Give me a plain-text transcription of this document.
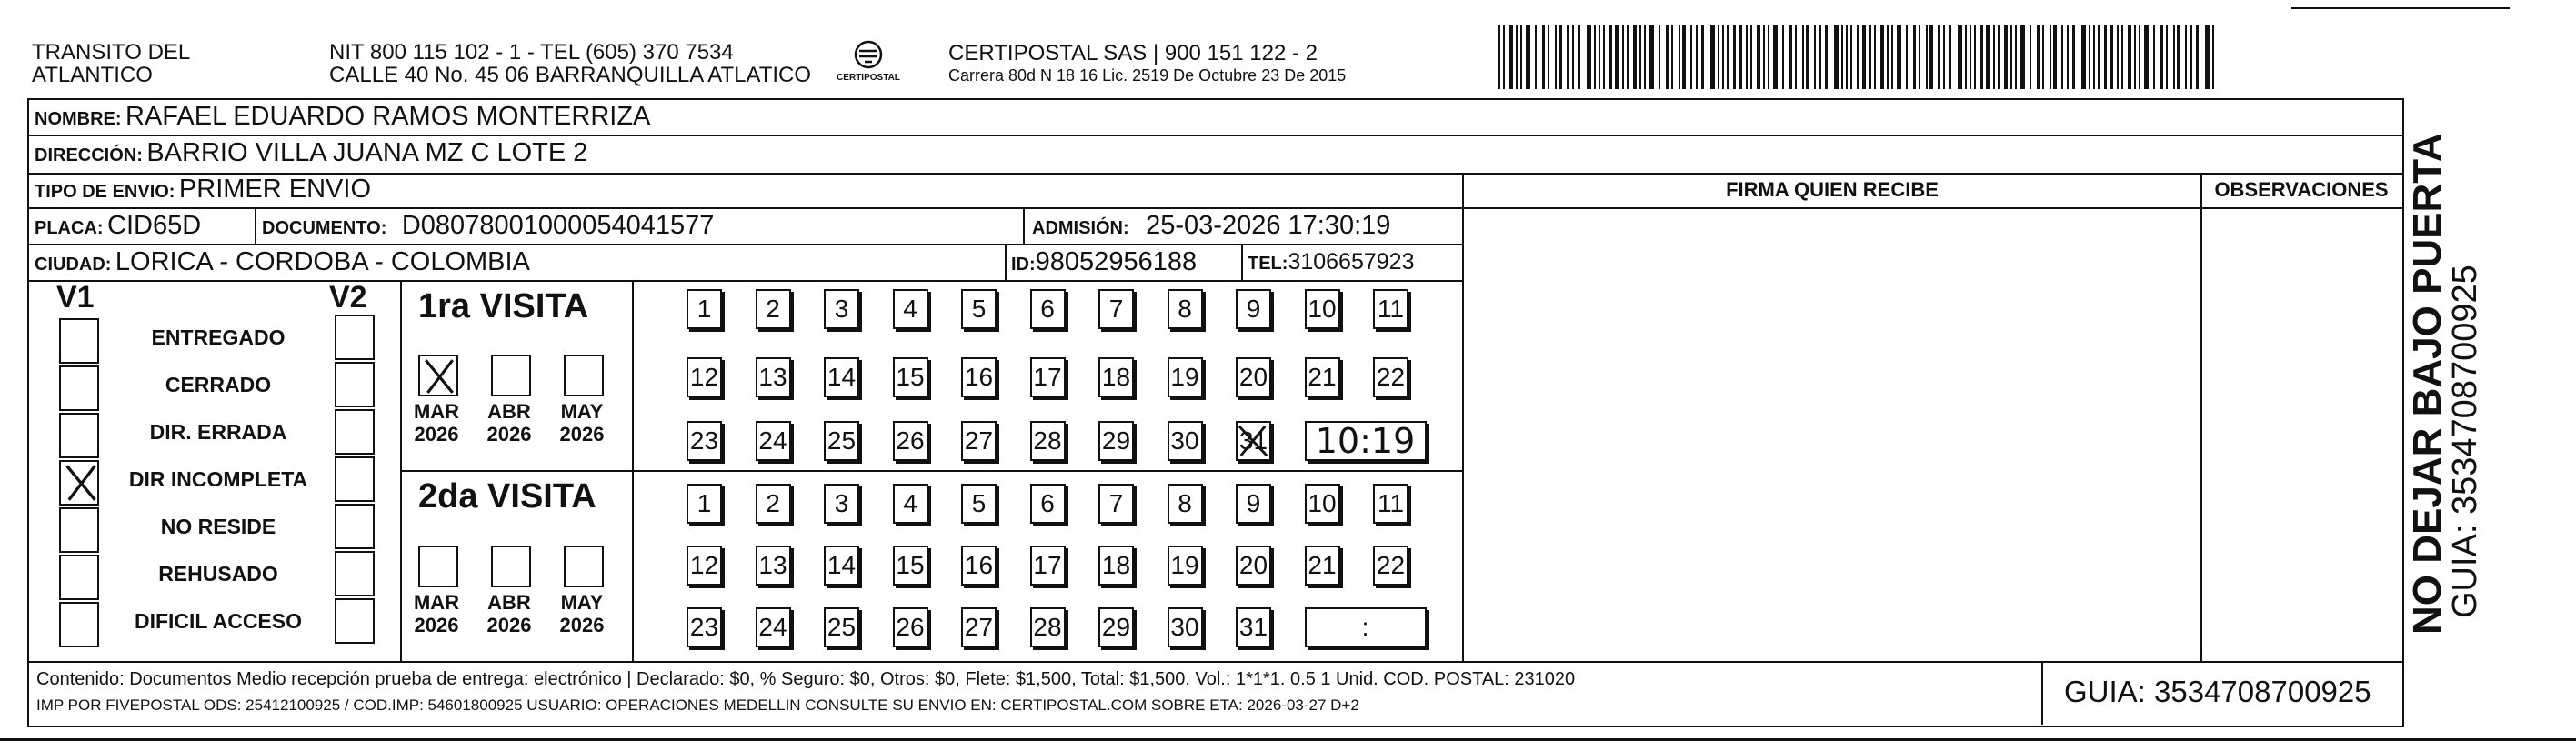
TRANSITO DEL ATLANTICO
NIT 800 115 102 - 1 - TEL (605) 370 7534
CALLE 40 No. 45 06 BARRANQUILLA ATLATICO	CERTIPOSTAL
CERTIPOSTAL SAS | 900 151 122 - 2
Carrera 80d N 18 16 Lic. 2519 De Octubre 23 De 2015
NOMBRE: RAFAEL EDUARDO RAMOS MONTERRIZA
DIRECCIÓN: BARRIO VILLA JUANA MZ C LOTE 2
TIPO DE ENVIO: PRIMER ENVIO
PLACA: CID65D	DOCUMENTO: D08078001000054041577	ADMISIÓN: 25-03-2026 17:30:19
CIUDAD: LORICA - CORDOBA - COLOMBIA	ID:98052956188	TEL:3106657923
FIRMA QUIEN RECIBE	OBSERVACIONES
V1	V2
ENTREGADO
CERRADO
DIR. ERRADA
DIR INCOMPLETA
NO RESIDE
REHUSADO
DIFICIL ACCESO
1ra VISITA
2da VISITA
MAR
2026
ABR
2026
MAY
2026
1	2	3	4	5	6	7	8	9	10 11
12 13 14 15 16 17 18 19 20 21 22
23 24 25 26 27 28 29 30 31	10:19
MAR
2026
ABR
2026
MAY
2026
1	2	3	4	5	6	7	8	9	10 11
12 13 14 15 16 17 18 19 20 21 22
23 24 25 26 27 28 29 30 31	:
Contenido: Documentos Medio recepción prueba de entrega: electrónico | Declarado: $0, % Seguro: $0, Otros: $0, Flete: $1,500, Total: $1,500. Vol.: 1*1*1. 0.5 1 Unid. COD. POSTAL: 231020
IMP POR FIVEPOSTAL ODS: 25412100925 / COD.IMP: 54601800925 USUARIO: OPERACIONES MEDELLIN CONSULTE SU ENVIO EN: CERTIPOSTAL.COM SOBRE ETA: 2026-03-27 D+2	GUIA: 3534708700925
NO DEJAR BAJO PUERTA
GUIA: 3534708700925
